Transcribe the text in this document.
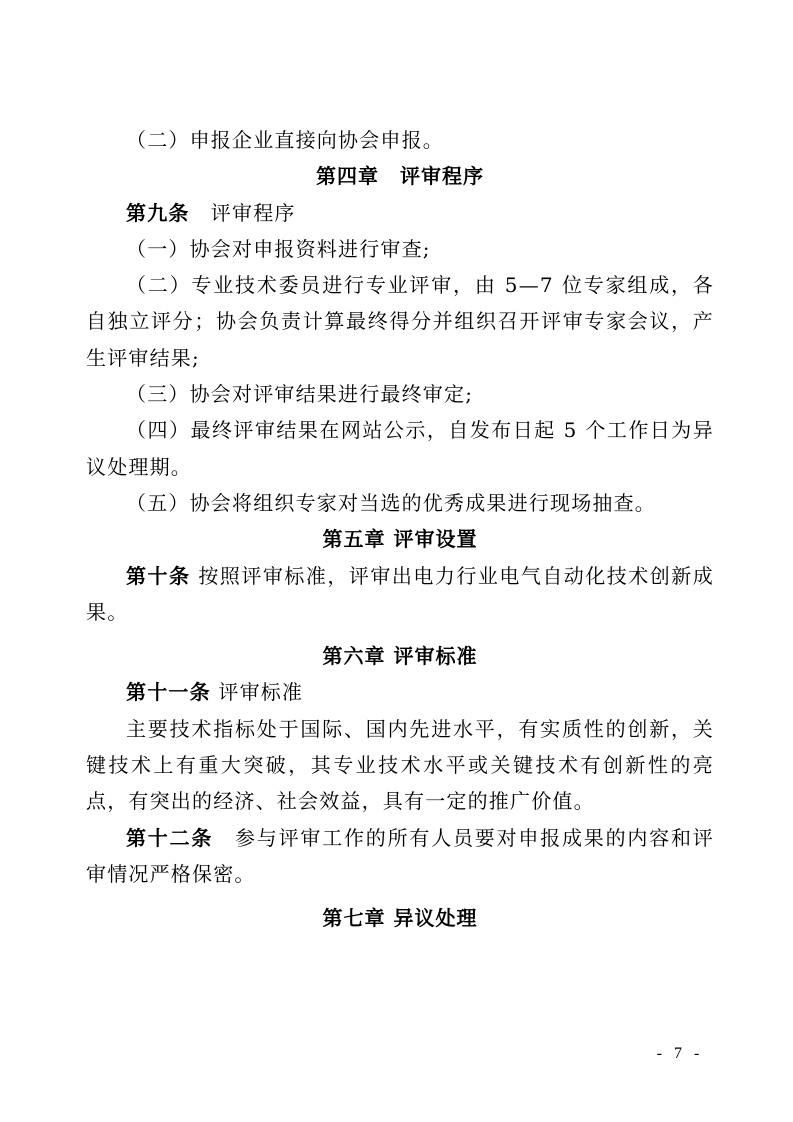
（二）申报企业直接向协会申报。

第四章　评审程序

第九条　评审程序

（一）协会对申报资料进行审查;

（二）专业技术委员进行专业评审，由 5—7 位专家组成，各自独立评分；协会负责计算最终得分并组织召开评审专家会议，产生评审结果;

（三）协会对评审结果进行最终审定;

（四）最终评审结果在网站公示，自发布日起 5 个工作日为异议处理期。

（五）协会将组织专家对当选的优秀成果进行现场抽查。

第五章 评审设置

第十条 按照评审标准，评审出电力行业电气自动化技术创新成果。

第六章 评审标准

第十一条 评审标准

主要技术指标处于国际、国内先进水平，有实质性的创新，关键技术上有重大突破，其专业技术水平或关键技术有创新性的亮点，有突出的经济、社会效益，具有一定的推广价值。

第十二条　参与评审工作的所有人员要对申报成果的内容和评审情况严格保密。

第七章 异议处理

- 7 -
